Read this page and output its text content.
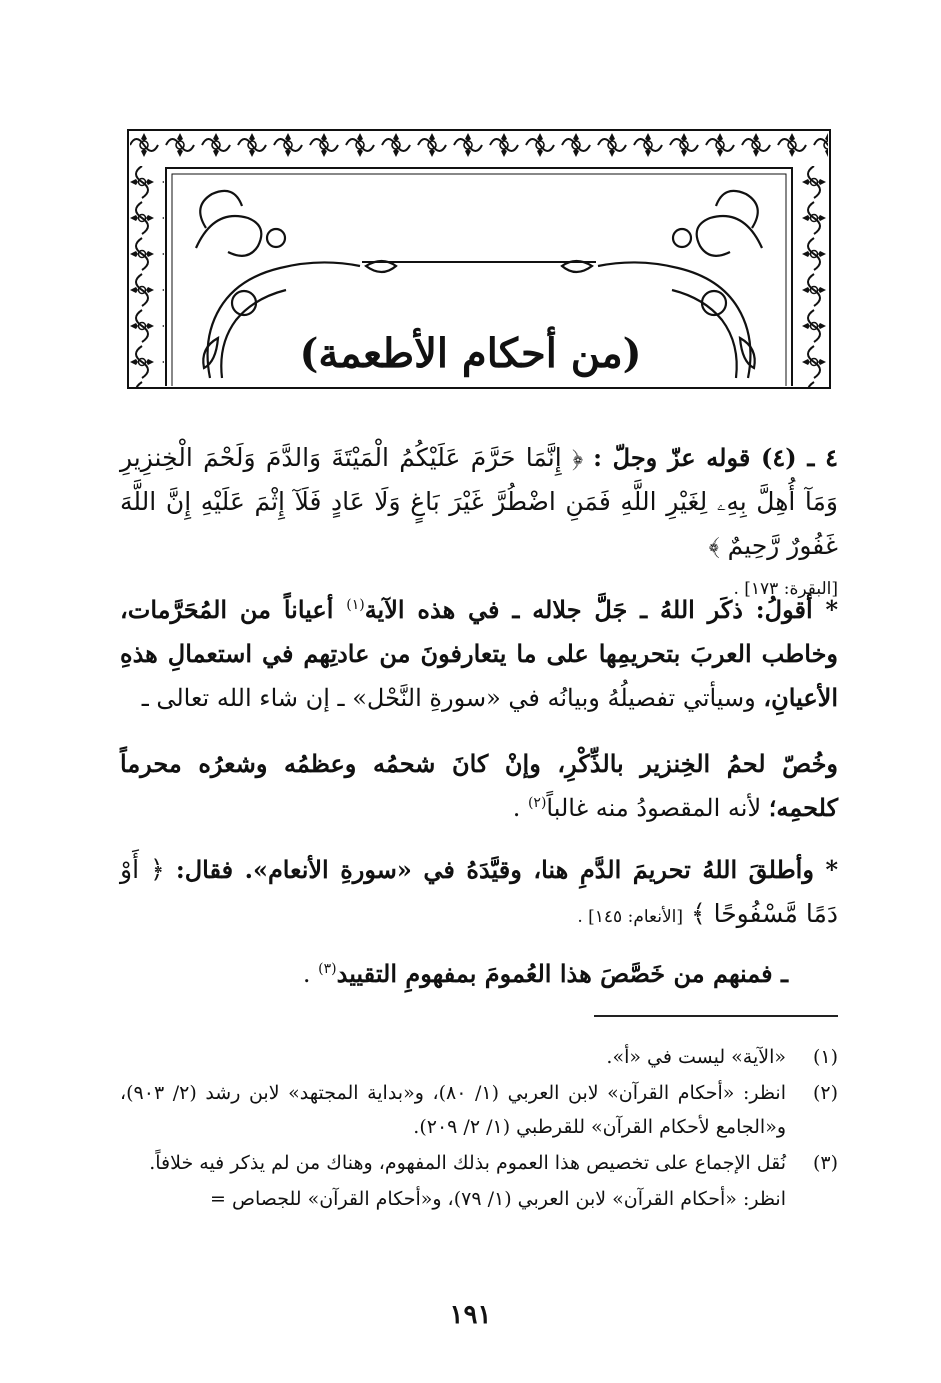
(من أحكام الأطعمة)

٤ ـ (٤) قوله عزّ وجلّ : ﴿ إِنَّمَا حَرَّمَ عَلَيْكُمُ الْمَيْتَةَ وَالدَّمَ وَلَحْمَ الْخِنزِيرِ وَمَآ أُهِلَّ بِهِۦ لِغَيْرِ اللَّهِ فَمَنِ اضْطُرَّ غَيْرَ بَاغٍ وَلَا عَادٍ فَلَآ إِثْمَ عَلَيْهِ إِنَّ اللَّهَ غَفُورٌ رَّحِيمٌ ﴾

[البقرة: ١٧٣] .

* أقولُ: ذكَر اللهُ ـ جَلَّ جلاله ـ في هذه الآية$^{(١)}$ أعياناً من المُحَرَّمات، وخاطب العربَ بتحريمِها على ما يتعارفونَ من عادتِهم في استعمالِ هذهِ الأعيانِ، وسيأتي تفصيلُهُ وبيانُه في «سورةِ النَّحْل» ـ إن شاء الله تعالى ـ

وخُصّ لحمُ الخِنزير بالذِّكْرِ، وإنْ كانَ شحمُه وعظمُه وشعرُه محرماً كلحمِه؛ لأنه المقصودُ منه غالباً$^{(٢)}$ .

* وأطلقَ اللهُ تحريمَ الدَّمِ هنا، وقيَّدَهُ في «سورةِ الأنعام». فقال: ﴿ أَوْ دَمًا مَّسْفُوحًا ﴾ [الأنعام: ١٤٥] .

ـ فمنهم من خَصَّصَ هذا العُمومَ بمفهومِ التقييد$^{(٣)}$ .

(١)
«الآية» ليست في «أ».
(٢)
انظر: «أحكام القرآن» لابن العربي (١/ ٨٠)، و«بداية المجتهد» لابن رشد (٢/ ٩٠٣)، و«الجامع لأحكام القرآن» للقرطبي (١/ ٢/ ٢٠٩).
(٣)
نُقل الإجماع على تخصيص هذا العموم بذلك المفهوم، وهناك من لم يذكر فيه خلافاً.

انظر: «أحكام القرآن» لابن العربي (١/ ٧٩)، و«أحكام القرآن» للجصاص =

١٩١
